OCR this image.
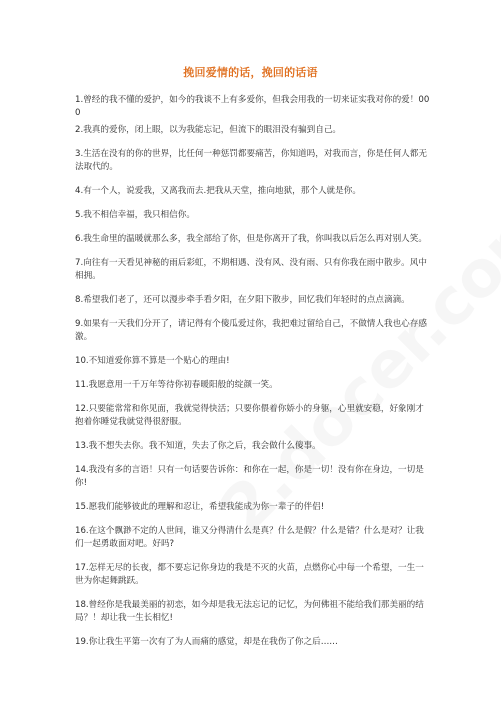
挽回爱情的话，挽回的话语
1.曾经的我不懂的爱护，如今的我谈不上有多爱你，但我会用我的一切来证实我对你的爱！000
2.我真的爱你，闭上眼，以为我能忘记，但流下的眼泪没有骗到自己。
3.生活在没有的你的世界，比任何一种惩罚都要痛苦，你知道吗，对我而言，你是任何人都无法取代的。
4.有一个人，说爱我，又离我而去.把我从天堂，推向地狱，那个人就是你。
5.我不相信幸福，我只相信你。
6.我生命里的温暖就那么多，我全部给了你，但是你离开了我，你叫我以后怎么再对别人笑。
7.向往有一天看见神秘的雨后彩虹，不期相遇、没有风、没有雨、只有你我在雨中散步。风中相拥。
8.希望我们老了，还可以漫步牵手看夕阳，在夕阳下散步，回忆我们年轻时的点点滴滴。
9.如果有一天我们分开了，请记得有个傻瓜爱过你，我把难过留给自己，不做情人我也心存感激。
10.不知道爱你算不算是一个贴心的理由!
11.我愿意用一千万年等待你初春暖阳般的绽颜一笑。
12.只要能常常和你见面，我就觉得快活；只要你偎着你娇小的身躯，心里就安稳，好象刚才抱着你睡觉我就觉得很舒服。
13.我不想失去你。我不知道，失去了你之后，我会做什么傻事。
14.我没有多的言语！只有一句话要告诉你：和你在一起，你是一切！没有你在身边，一切是你!
15.愿我们能够彼此的理解和忍让，希望我能成为你一辈子的伴侣!
16.在这个飘渺不定的人世间，谁又分得清什么是真？什么是假？什么是错？什么是对？让我们一起勇敢面对吧。好吗?
17.怎样无尽的长夜，都不要忘记你身边的我是不灭的火苗，点燃你心中每一个希望，一生一世为你起舞跳跃。
18.曾经你是我最美丽的初恋，如今却是我无法忘记的记忆，为何佛祖不能给我们那美丽的结局？！却让我一生长相忆!
19.你让我生平第一次有了为人而痛的感觉，却是在我伤了你之后……
